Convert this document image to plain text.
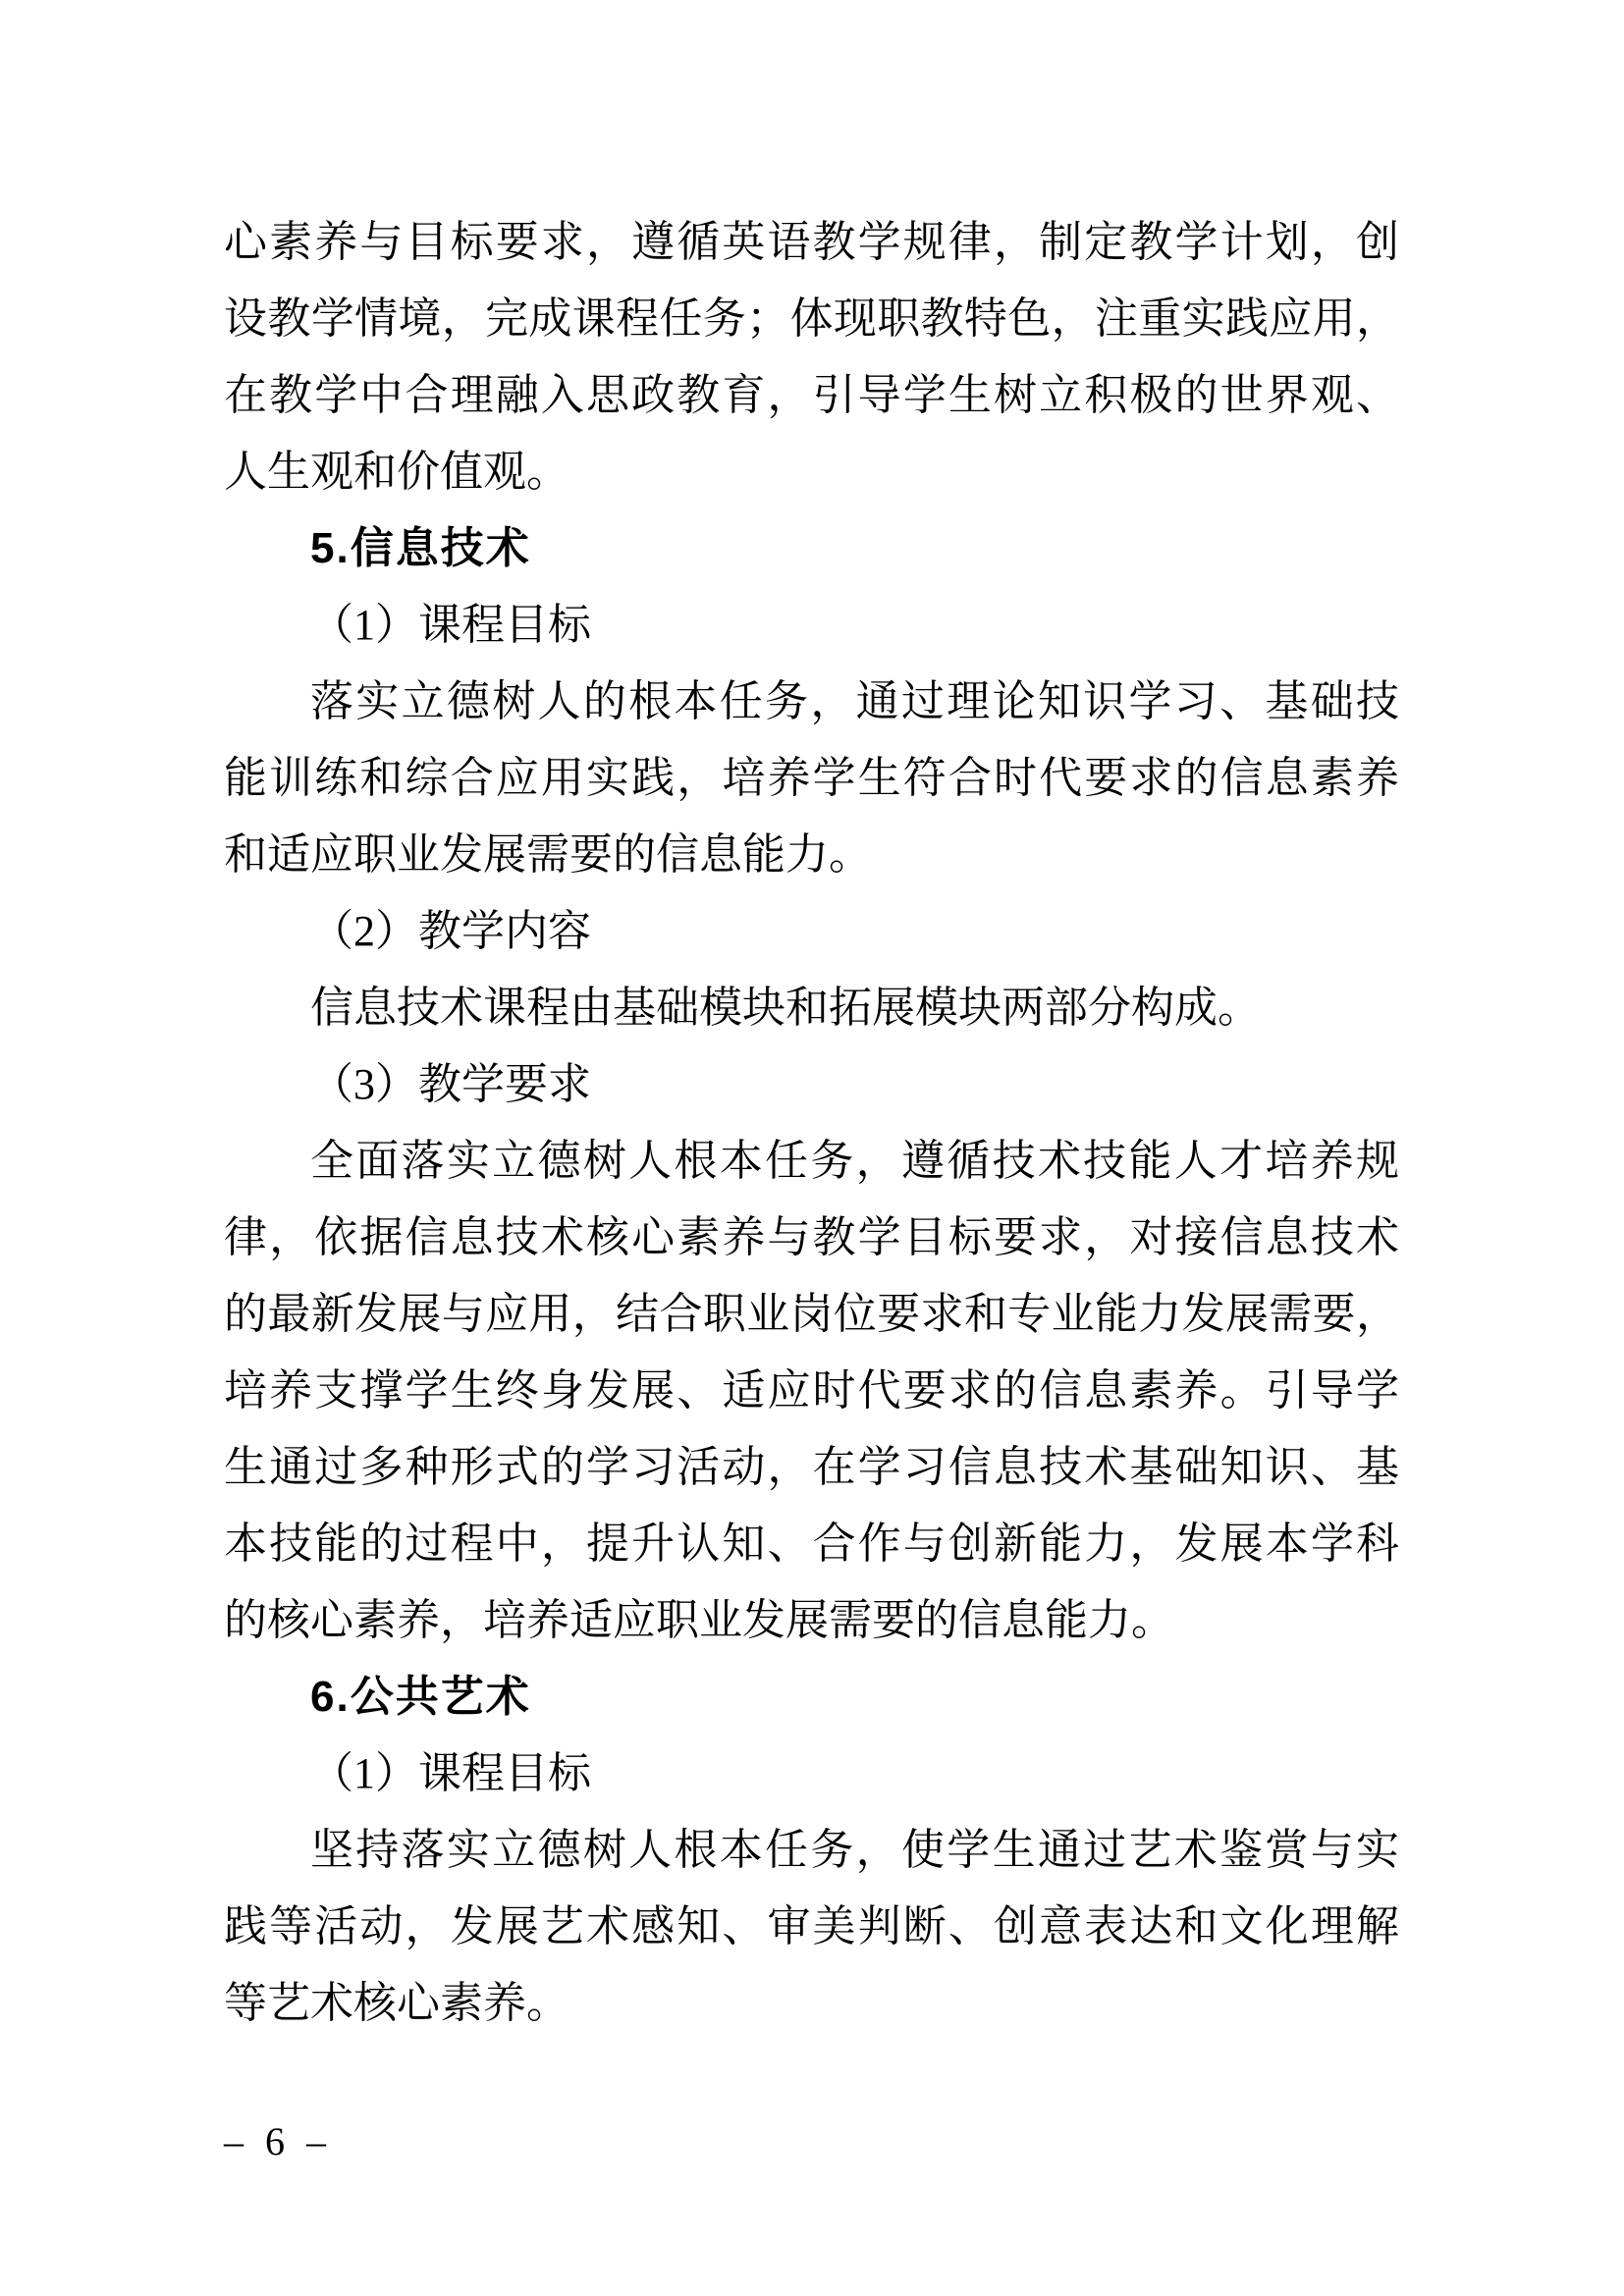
心素养与目标要求，遵循英语教学规律，制定教学计划，创
设教学情境，完成课程任务；体现职教特色，注重实践应用，
在教学中合理融入思政教育，引导学生树立积极的世界观、
人生观和价值观。
5.信息技术
（1）课程目标
落实立德树人的根本任务，通过理论知识学习、基础技
能训练和综合应用实践，培养学生符合时代要求的信息素养
和适应职业发展需要的信息能力。
（2）教学内容
信息技术课程由基础模块和拓展模块两部分构成。
（3）教学要求
全面落实立德树人根本任务，遵循技术技能人才培养规
律，依据信息技术核心素养与教学目标要求，对接信息技术
的最新发展与应用，结合职业岗位要求和专业能力发展需要，
培养支撑学生终身发展、适应时代要求的信息素养。引导学
生通过多种形式的学习活动，在学习信息技术基础知识、基
本技能的过程中，提升认知、合作与创新能力，发展本学科
的核心素养，培养适应职业发展需要的信息能力。
6.公共艺术
（1）课程目标
坚持落实立德树人根本任务，使学生通过艺术鉴赏与实
践等活动，发展艺术感知、审美判断、创意表达和文化理解
等艺术核心素养。
– 6 –
